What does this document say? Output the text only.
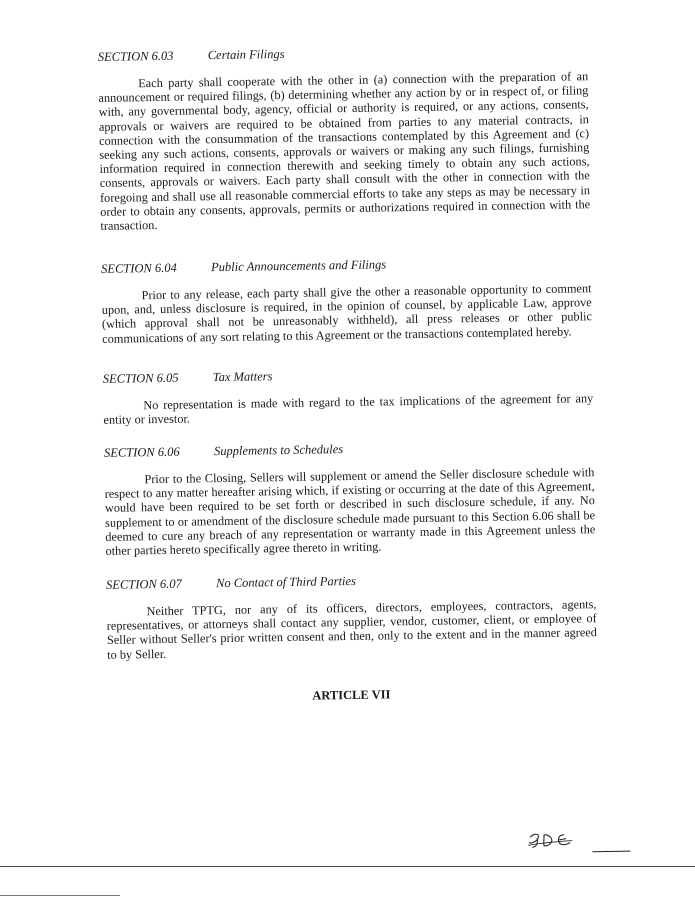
SECTION 6.03	Certain Filings

Each party shall cooperate with the other in (a) connection with the preparation of an announcement or required filings, (b) determining whether any action by or in respect of, or filing with, any governmental body, agency, official or authority is required, or any actions, consents, approvals or waivers are required to be obtained from parties to any material contracts, in connection with the consummation of the transactions contemplated by this Agreement and (c) seeking any such actions, consents, approvals or waivers or making any such filings, furnishing information required in connection therewith and seeking timely to obtain any such actions, consents, approvals or waivers. Each party shall consult with the other in connection with the foregoing and shall use all reasonable commercial efforts to take any steps as may be necessary in order to obtain any consents, approvals, permits or authorizations required in connection with the transaction.

SECTION 6.04	Public Announcements and Filings

Prior to any release, each party shall give the other a reasonable opportunity to comment upon, and, unless disclosure is required, in the opinion of counsel, by applicable Law, approve (which approval shall not be unreasonably withheld), all press releases or other public communications of any sort relating to this Agreement or the transactions contemplated hereby.

SECTION 6.05	Tax Matters

No representation is made with regard to the tax implications of the agreement for any entity or investor.

SECTION 6.06	Supplements to Schedules

Prior to the Closing, Sellers will supplement or amend the Seller disclosure schedule with respect to any matter hereafter arising which, if existing or occurring at the date of this Agreement, would have been required to be set forth or described in such disclosure schedule, if any. No supplement to or amendment of the disclosure schedule made pursuant to this Section 6.06 shall be deemed to cure any breach of any representation or warranty made in this Agreement unless the other parties hereto specifically agree thereto in writing.

SECTION 6.07	No Contact of Third Parties

Neither TPTG, nor any of its officers, directors, employees, contractors, agents, representatives, or attorneys shall contact any supplier, vendor, customer, client, or employee of Seller without Seller's prior written consent and then, only to the extent and in the manner agreed to by Seller.

ARTICLE VII
